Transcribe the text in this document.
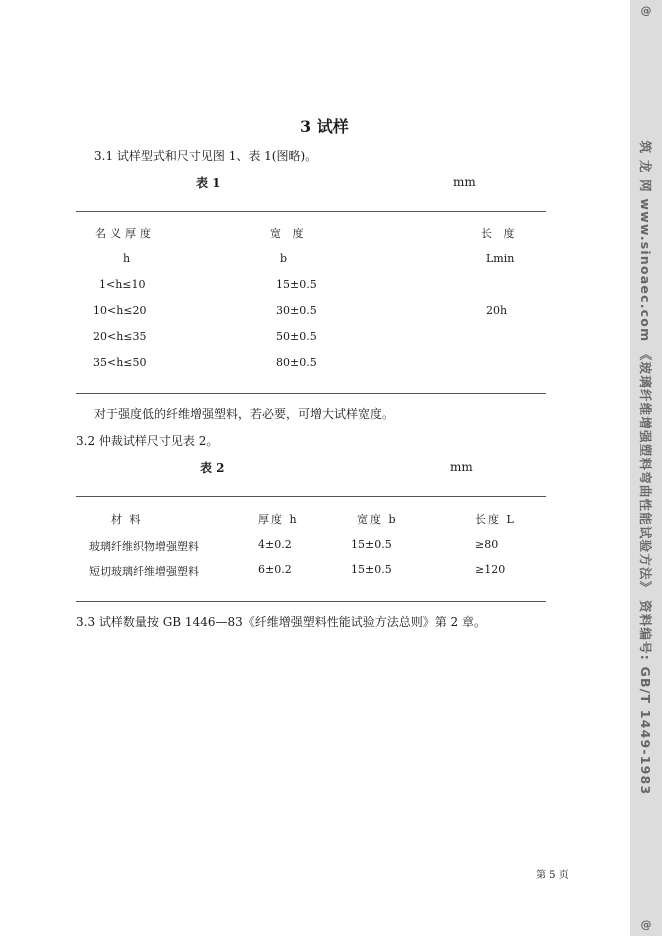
3 试样
3.1 试样型式和尺寸见图 1、表 1(图略)。
表 1	mm
名义厚度	宽 度	长 度
h	b	Lmin
1<h≤10	15±0.5
10<h≤20	30±0.5	20h
20<h≤35	50±0.5
35<h≤50	80±0.5
对于强度低的纤维增强塑料，若必要，可增大试样宽度。
3.2 仲裁试样尺寸见表 2。
表 2	mm
材 料	厚度 h	宽度 b	长度 L
玻璃纤维织物增强塑料	4±0.2	15±0.5	≥80
短切玻璃纤维增强塑料	6±0.2	15±0.5	≥120
3.3 试样数量按 GB 1446—83《纤维增强塑料性能试验方法总则》第 2 章。
第 5 页
@
筑 龙 网 www.sinoaec.com 《玻璃纤维增强塑料弯曲性能试验方法》 资料编号: GB/T 1449-1983
@
